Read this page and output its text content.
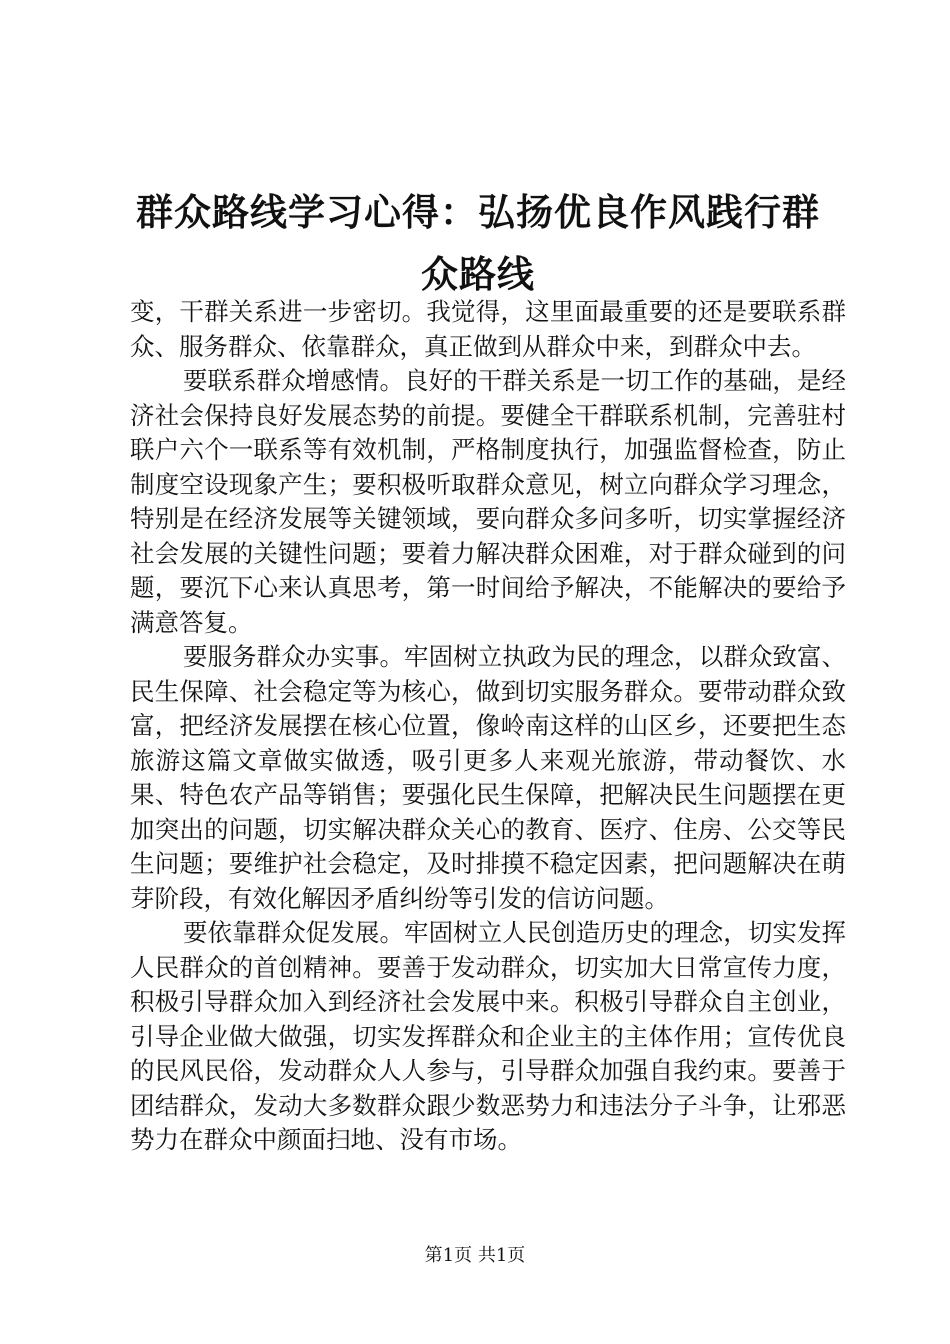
群众路线学习心得：弘扬优良作风践行群众路线

变，干群关系进一步密切。我觉得，这里面最重要的还是要联系群众、服务群众、依靠群众，真正做到从群众中来，到群众中去。

要联系群众增感情。良好的干群关系是一切工作的基础，是经济社会保持良好发展态势的前提。要健全干群联系机制，完善驻村联户六个一联系等有效机制，严格制度执行，加强监督检查，防止制度空设现象产生；要积极听取群众意见，树立向群众学习理念，特别是在经济发展等关键领域，要向群众多问多听，切实掌握经济社会发展的关键性问题；要着力解决群众困难，对于群众碰到的问题，要沉下心来认真思考，第一时间给予解决，不能解决的要给予满意答复。

要服务群众办实事。牢固树立执政为民的理念，以群众致富、民生保障、社会稳定等为核心，做到切实服务群众。要带动群众致富，把经济发展摆在核心位置，像岭南这样的山区乡，还要把生态旅游这篇文章做实做透，吸引更多人来观光旅游，带动餐饮、水果、特色农产品等销售；要强化民生保障，把解决民生问题摆在更加突出的问题，切实解决群众关心的教育、医疗、住房、公交等民生问题；要维护社会稳定，及时排摸不稳定因素，把问题解决在萌芽阶段，有效化解因矛盾纠纷等引发的信访问题。

要依靠群众促发展。牢固树立人民创造历史的理念，切实发挥人民群众的首创精神。要善于发动群众，切实加大日常宣传力度，积极引导群众加入到经济社会发展中来。积极引导群众自主创业，引导企业做大做强，切实发挥群众和企业主的主体作用；宣传优良的民风民俗，发动群众人人参与，引导群众加强自我约束。要善于团结群众，发动大多数群众跟少数恶势力和违法分子斗争，让邪恶势力在群众中颜面扫地、没有市场。

第1页 共1页
